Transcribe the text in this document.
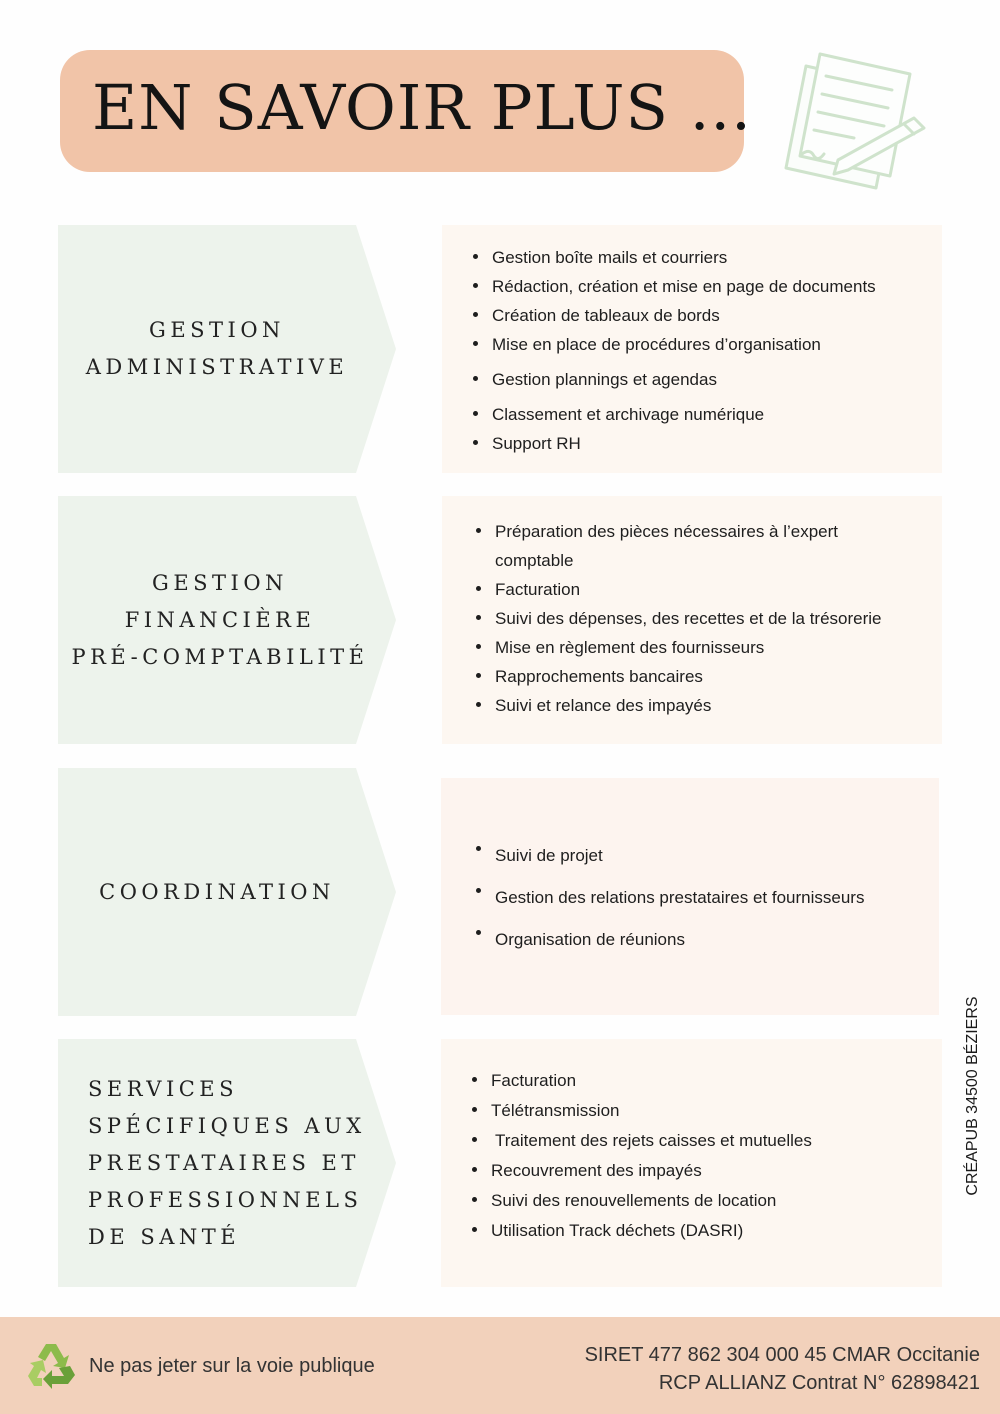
EN SAVOIR PLUS ...
GESTION
ADMINISTRATIVE
Gestion boîte mails et courriers
Rédaction, création et mise en page de documents
Création de tableaux de bords
Mise en place de procédures d’organisation
Gestion plannings et agendas
Classement et archivage numérique
Support RH
GESTION
FINANCIÈRE
PRÉ-COMPTABILITÉ
Préparation des pièces nécessaires à l’expert
comptable
Facturation
Suivi des dépenses, des recettes et de la trésorerie
Mise en règlement des fournisseurs
Rapprochements bancaires
Suivi et relance des impayés
COORDINATION
Suivi de projet
Gestion des relations prestataires et fournisseurs
Organisation de réunions
SERVICES
SPÉCIFIQUES AUX
PRESTATAIRES ET
PROFESSIONNELS
DE SANTÉ
Facturation
Télétransmission
Traitement des rejets caisses et mutuelles
Recouvrement des impayés
Suivi des renouvellements de location
Utilisation Track déchets (DASRI)
CRÉAPUB 34500 BÉZIERS
Ne pas jeter sur la voie publique	SIRET 477 862 304 000 45 CMAR Occitanie
RCP ALLIANZ Contrat N° 62898421
